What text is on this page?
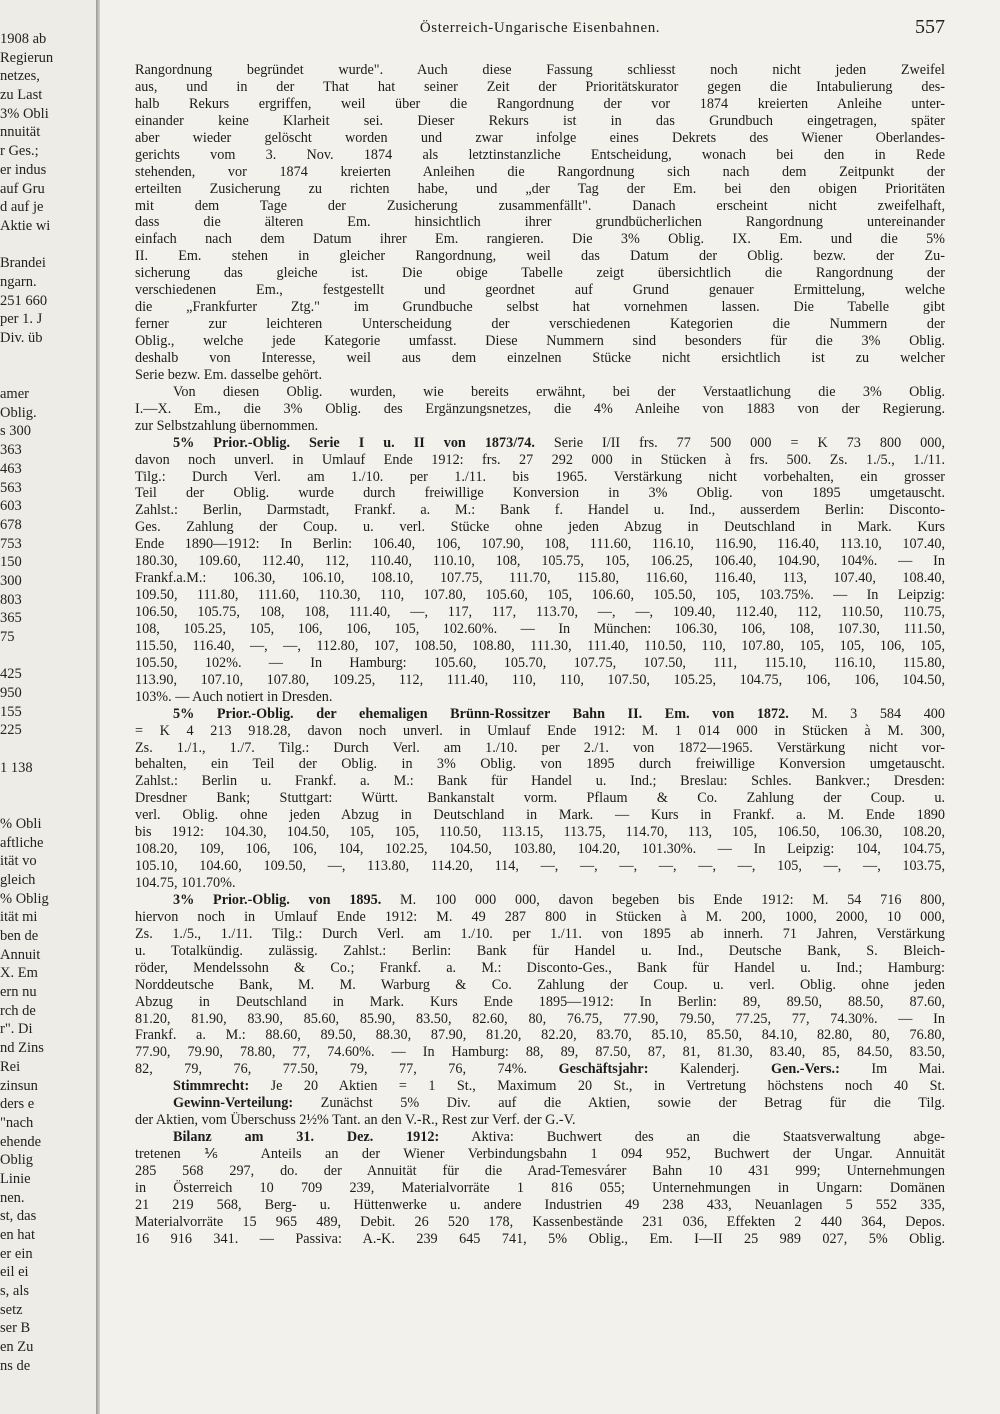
1908 ab
Regierun
netzes,
zu Last
3% Obli
nnuität
r Ges.;
er indus
auf Gru
d auf je
Aktie wi
Brandei
ngarn.
251 660
per 1. J
Div. üb
amer
Oblig.
s 300
363
463
563
603
678
753
150
300
803
365
75
425
950
155
225
1 138
% Obli
aftliche
ität vo
gleich
% Oblig
ität mi
ben de
Annuit
X. Em
ern nu
rch de
r". Di
nd Zins
Rei
zinsun
ders e
"nach
ehende
Oblig
Linie
nen.
st, das
en hat
er ein
eil ei
s, als
setz
ser B
en Zu
ns de
Österreich-Ungarische Eisenbahnen.	557
Rangordnung begründet wurde". Auch diese Fassung schliesst noch nicht jeden Zweifel
aus, und in der That hat seiner Zeit der Prioritätskurator gegen die Intabulierung des-
halb Rekurs ergriffen, weil über die Rangordnung der vor 1874 kreierten Anleihe unter-
einander keine Klarheit sei. Dieser Rekurs ist in das Grundbuch eingetragen, später
aber wieder gelöscht worden und zwar infolge eines Dekrets des Wiener Oberlandes-
gerichts vom 3. Nov. 1874 als letztinstanzliche Entscheidung, wonach bei den in Rede
stehenden, vor 1874 kreierten Anleihen die Rangordnung sich nach dem Zeitpunkt der
erteilten Zusicherung zu richten habe, und „der Tag der Em. bei den obigen Prioritäten
mit dem Tage der Zusicherung zusammenfällt". Danach erscheint nicht zweifelhaft,
dass die älteren Em. hinsichtlich ihrer grundbücherlichen Rangordnung untereinander
einfach nach dem Datum ihrer Em. rangieren. Die 3% Oblig. IX. Em. und die 5%
II. Em. stehen in gleicher Rangordnung, weil das Datum der Oblig. bezw. der Zu-
sicherung das gleiche ist. Die obige Tabelle zeigt übersichtlich die Rangordnung der
verschiedenen Em., festgestellt und geordnet auf Grund genauer Ermittelung, welche
die „Frankfurter Ztg." im Grundbuche selbst hat vornehmen lassen. Die Tabelle gibt
ferner zur leichteren Unterscheidung der verschiedenen Kategorien die Nummern der
Oblig., welche jede Kategorie umfasst. Diese Nummern sind besonders für die 3% Oblig.
deshalb von Interesse, weil aus dem einzelnen Stücke nicht ersichtlich ist zu welcher
Serie bezw. Em. dasselbe gehört.
Von diesen Oblig. wurden, wie bereits erwähnt, bei der Verstaatlichung die 3% Oblig.
I.—X. Em., die 3% Oblig. des Ergänzungsnetzes, die 4% Anleihe von 1883 von der Regierung.
zur Selbstzahlung übernommen.
5% Prior.-Oblig. Serie I u. II von 1873/74. Serie I/II frs. 77 500 000 = K 73 800 000,
davon noch unverl. in Umlauf Ende 1912: frs. 27 292 000 in Stücken à frs. 500. Zs. 1./5., 1./11.
Tilg.: Durch Verl. am 1./10. per 1./11. bis 1965. Verstärkung nicht vorbehalten, ein grosser
Teil der Oblig. wurde durch freiwillige Konversion in 3% Oblig. von 1895 umgetauscht.
Zahlst.: Berlin, Darmstadt, Frankf. a. M.: Bank f. Handel u. Ind., ausserdem Berlin: Disconto-
Ges. Zahlung der Coup. u. verl. Stücke ohne jeden Abzug in Deutschland in Mark. Kurs
Ende 1890—1912: In Berlin: 106.40, 106, 107.90, 108, 111.60, 116.10, 116.90, 116.40, 113.10, 107.40,
180.30, 109.60, 112.40, 112, 110.40, 110.10, 108, 105.75, 105, 106.25, 106.40, 104.90, 104%. — In
Frankf.a.M.: 106.30, 106.10, 108.10, 107.75, 111.70, 115.80, 116.60, 116.40, 113, 107.40, 108.40,
109.50, 111.80, 111.60, 110.30, 110, 107.80, 105.60, 105, 106.60, 105.50, 105, 103.75%. — In Leipzig:
106.50, 105.75, 108, 108, 111.40, —, 117, 117, 113.70, —, —, 109.40, 112.40, 112, 110.50, 110.75,
108, 105.25, 105, 106, 106, 105, 102.60%. — In München: 106.30, 106, 108, 107.30, 111.50,
115.50, 116.40, —, —, 112.80, 107, 108.50, 108.80, 111.30, 111.40, 110.50, 110, 107.80, 105, 105, 106, 105,
105.50, 102%. — In Hamburg: 105.60, 105.70, 107.75, 107.50, 111, 115.10, 116.10, 115.80,
113.90, 107.10, 107.80, 109.25, 112, 111.40, 110, 110, 107.50, 105.25, 104.75, 106, 106, 104.50,
103%. — Auch notiert in Dresden.
5% Prior.-Oblig. der ehemaligen Brünn-Rossitzer Bahn II. Em. von 1872. M. 3 584 400
= K 4 213 918.28, davon noch unverl. in Umlauf Ende 1912: M. 1 014 000 in Stücken à M. 300,
Zs. 1./1., 1./7. Tilg.: Durch Verl. am 1./10. per 2./1. von 1872—1965. Verstärkung nicht vor-
behalten, ein Teil der Oblig. in 3% Oblig. von 1895 durch freiwillige Konversion umgetauscht.
Zahlst.: Berlin u. Frankf. a. M.: Bank für Handel u. Ind.; Breslau: Schles. Bankver.; Dresden:
Dresdner Bank; Stuttgart: Württ. Bankanstalt vorm. Pflaum & Co. Zahlung der Coup. u.
verl. Oblig. ohne jeden Abzug in Deutschland in Mark. — Kurs in Frankf. a. M. Ende 1890
bis 1912: 104.30, 104.50, 105, 105, 110.50, 113.15, 113.75, 114.70, 113, 105, 106.50, 106.30, 108.20,
108.20, 109, 106, 106, 104, 102.25, 104.50, 103.80, 104.20, 101.30%. — In Leipzig: 104, 104.75,
105.10, 104.60, 109.50, —, 113.80, 114.20, 114, —, —, —, —, —, —, 105, —, —, 103.75,
104.75, 101.70%.
3% Prior.-Oblig. von 1895. M. 100 000 000, davon begeben bis Ende 1912: M. 54 716 800,
hiervon noch in Umlauf Ende 1912: M. 49 287 800 in Stücken à M. 200, 1000, 2000, 10 000,
Zs. 1./5., 1./11. Tilg.: Durch Verl. am 1./10. per 1./11. von 1895 ab innerh. 71 Jahren, Verstärkung
u. Totalkündig. zulässig. Zahlst.: Berlin: Bank für Handel u. Ind., Deutsche Bank, S. Bleich-
röder, Mendelssohn & Co.; Frankf. a. M.: Disconto-Ges., Bank für Handel u. Ind.; Hamburg:
Norddeutsche Bank, M. M. Warburg & Co. Zahlung der Coup. u. verl. Oblig. ohne jeden
Abzug in Deutschland in Mark. Kurs Ende 1895—1912: In Berlin: 89, 89.50, 88.50, 87.60,
81.20, 81.90, 83.90, 85.60, 85.90, 83.50, 82.60, 80, 76.75, 77.90, 79.50, 77.25, 77, 74.30%. — In
Frankf. a. M.: 88.60, 89.50, 88.30, 87.90, 81.20, 82.20, 83.70, 85.10, 85.50, 84.10, 82.80, 80, 76.80,
77.90, 79.90, 78.80, 77, 74.60%. — In Hamburg: 88, 89, 87.50, 87, 81, 81.30, 83.40, 85, 84.50, 83.50,
82, 79, 76, 77.50, 79, 77, 76, 74%. Geschäftsjahr: Kalenderj. Gen.-Vers.: Im Mai.
Stimmrecht: Je 20 Aktien = 1 St., Maximum 20 St., in Vertretung höchstens noch 40 St.
Gewinn-Verteilung: Zunächst 5% Div. auf die Aktien, sowie der Betrag für die Tilg.
der Aktien, vom Überschuss 2½% Tant. an den V.-R., Rest zur Verf. der G.-V.
Bilanz am 31. Dez. 1912: Aktiva: Buchwert des an die Staatsverwaltung abge-
tretenen ⅙ Anteils an der Wiener Verbindungsbahn 1 094 952, Buchwert der Ungar. Annuität
285 568 297, do. der Annuität für die Arad-Temesvárer Bahn 10 431 999; Unternehmungen
in Österreich 10 709 239, Materialvorräte 1 816 055; Unternehmungen in Ungarn: Domänen
21 219 568, Berg- u. Hüttenwerke u. andere Industrien 49 238 433, Neuanlagen 5 552 335,
Materialvorräte 15 965 489, Debit. 26 520 178, Kassenbestände 231 036, Effekten 2 440 364, Depos.
16 916 341. — Passiva: A.-K. 239 645 741, 5% Oblig., Em. I—II 25 989 027, 5% Oblig.
